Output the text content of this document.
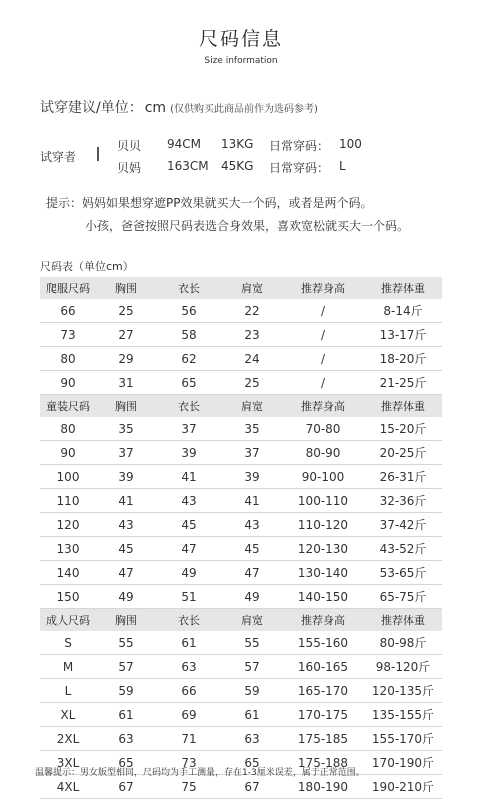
尺码信息
Size information
试穿建议/单位： cm (仅供购买此商品前作为选码参考)
试穿者
贝贝 94CM 13KG 日常穿码： 100
贝妈 163CM 45KG 日常穿码： L
提示：妈妈如果想穿遮PP效果就买大一个码，或者是两个码。
小孩，爸爸按照尺码表选合身效果，喜欢宽松就买大一个码。
尺码表（单位cm）
爬服尺码	胸围	衣长	肩宽	推荐身高	推荐体重
66	25	56	22	/	8-14斤
73	27	58	23	/	13-17斤
80	29	62	24	/	18-20斤
90	31	65	25	/	21-25斤
童装尺码	胸围	衣长	肩宽	推荐身高	推荐体重
80	35	37	35	70-80	15-20斤
90	37	39	37	80-90	20-25斤
100	39	41	39	90-100	26-31斤
110	41	43	41	100-110	32-36斤
120	43	45	43	110-120	37-42斤
130	45	47	45	120-130	43-52斤
140	47	49	47	130-140	53-65斤
150	49	51	49	140-150	65-75斤
成人尺码	胸围	衣长	肩宽	推荐身高	推荐体重
S	55	61	55	155-160	80-98斤
M	57	63	57	160-165	98-120斤
L	59	66	59	165-170	120-135斤
XL	61	69	61	170-175	135-155斤
2XL	63	71	63	175-185	155-170斤
3XL	65	73	65	175-188	170-190斤
4XL	67	75	67	180-190	190-210斤
温馨提示：男女版型相同，尺码均为手工测量，存在1-3厘米误差，属于正常范围。
